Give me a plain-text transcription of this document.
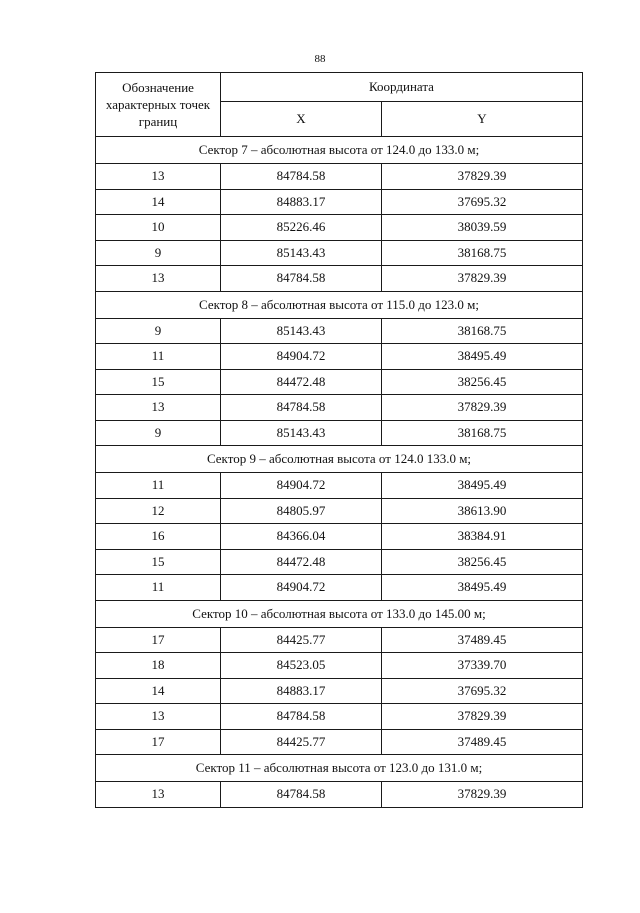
88
Обозначение характерных точек границ	Координата	
	X	Y
Сектор 7 – абсолютная высота от 124.0 до 133.0 м;		
13	84784.58	37829.39
14	84883.17	37695.32
10	85226.46	38039.59
9	85143.43	38168.75
13	84784.58	37829.39
Сектор 8 – абсолютная высота от 115.0 до 123.0 м;		
9	85143.43	38168.75
11	84904.72	38495.49
15	84472.48	38256.45
13	84784.58	37829.39
9	85143.43	38168.75
Сектор 9 – абсолютная высота от 124.0 133.0 м;		
11	84904.72	38495.49
12	84805.97	38613.90
16	84366.04	38384.91
15	84472.48	38256.45
11	84904.72	38495.49
Сектор 10 – абсолютная высота от 133.0 до 145.00 м;		
17	84425.77	37489.45
18	84523.05	37339.70
14	84883.17	37695.32
13	84784.58	37829.39
17	84425.77	37489.45
Сектор 11 – абсолютная высота от 123.0 до 131.0 м;		
13	84784.58	37829.39
